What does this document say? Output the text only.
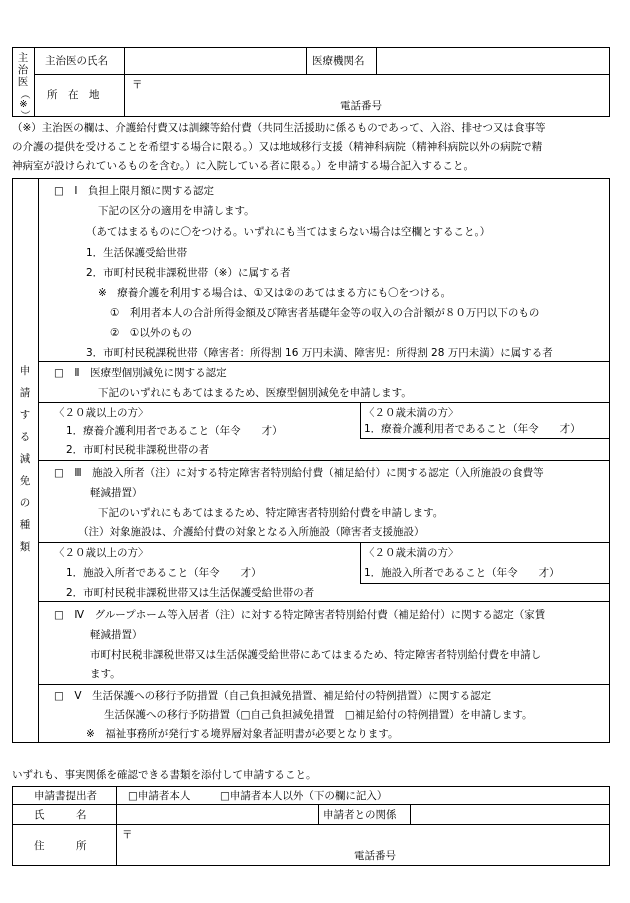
主
治
医
（※）
主治医の氏名	医療機関名
所　在　地
〒
電話番号
（※）主治医の欄は、介護給付費又は訓練等給付費（共同生活援助に係るものであって、入浴、排せつ又は食事等
の介護の提供を受けることを希望する場合に限る。）又は地域移行支援（精神科病院（精神科病院以外の病院で精
神病室が設けられているものを含む。）に入院している者に限る。）を申請する場合記入すること。
申
請
す
る
減
免
の
種
類
□　Ⅰ　負担上限月額に関する認定
下記の区分の適用を申請します。
（あてはまるものに〇をつける。いずれにも当てはまらない場合は空欄とすること。）
1．生活保護受給世帯
2．市町村民税非課税世帯（※）に属する者
※　療養介護を利用する場合は、①又は②のあてはまる方にも〇をつける。
①　利用者本人の合計所得金額及び障害者基礎年金等の収入の合計額が８０万円以下のもの
②　①以外のもの
3．市町村民税課税世帯（障害者：所得割 16 万円未満、障害児：所得割 28 万円未満）に属する者
□　Ⅱ　医療型個別減免に関する認定
下記のいずれにもあてはまるため、医療型個別減免を申請します。
〈２０歳以上の方〉
1．療養介護利用者であること（年令　　才）
2．市町村民税非課税世帯の者
〈２０歳未満の方〉
1．療養介護利用者であること（年令　　才）
□　Ⅲ　施設入所者（注）に対する特定障害者特別給付費（補足給付）に関する認定（入所施設の食費等
軽減措置）
下記のいずれにもあてはまるため、特定障害者特別給付費を申請します。
（注）対象施設は、介護給付費の対象となる入所施設（障害者支援施設）
〈２０歳以上の方〉
1．施設入所者であること（年令　　才）
2．市町村民税非課税世帯又は生活保護受給世帯の者
〈２０歳未満の方〉
1．施設入所者であること（年令　　才）
□　Ⅳ　グループホーム等入居者（注）に対する特定障害者特別給付費（補足給付）に関する認定（家賃
軽減措置）
市町村民税非課税世帯又は生活保護受給世帯にあてはまるため、特定障害者特別給付費を申請し
ます。
□　Ⅴ　生活保護への移行予防措置（自己負担減免措置、補足給付の特例措置）に関する認定
生活保護への移行予防措置（□自己負担減免措置　□補足給付の特例措置）を申請します。
※　福祉事務所が発行する境界層対象者証明書が必要となります。
いずれも、事実関係を確認できる書類を添付して申請すること。
申請書提出者	□申請者本人	□申請者本人以外（下の欄に記入）
氏　　　名	申請者との関係
住　　　所
〒
電話番号
